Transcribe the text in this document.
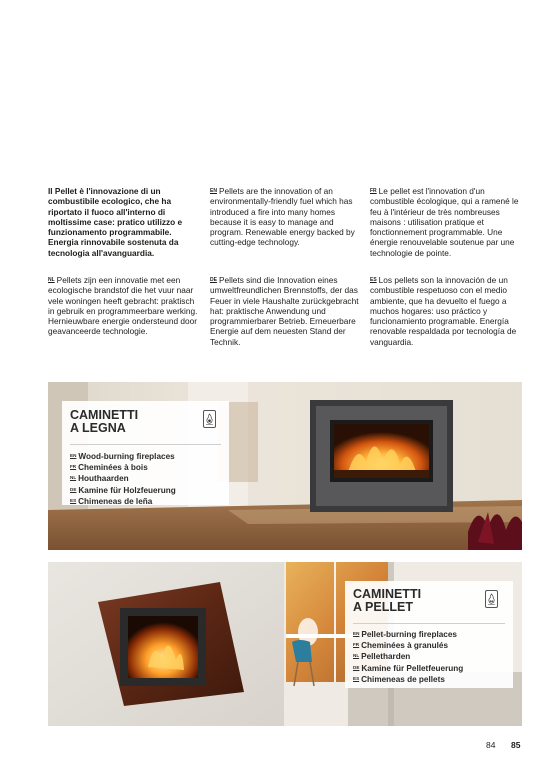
Il Pellet è l'innovazione di un combustibile ecologico, che ha riportato il fuoco all'interno di moltissime case: pratico utilizzo e funzionamento programmabile. Energia rinnovabile sostenuta da tecnologia all'avanguardia.
$^{EN}$ Pellets are the innovation of an environmentally-friendly fuel which has introduced a fire into many homes because it is easy to manage and program. Renewable energy backed by cutting-edge technology.
$^{FR}$ Le pellet est l'innovation d'un combustible écologique, qui a ramené le feu à l'intérieur de très nombreuses maisons : utilisation pratique et fonctionnement programmable. Une énergie renouvelable soutenue par une technologie de pointe.
$^{NL}$ Pellets zijn een innovatie met een ecologische brandstof die het vuur naar vele woningen heeft gebracht: praktisch in gebruik en programmeerbare werking. Hernieuwbare energie ondersteund door geavanceerde technologie.
$^{DE}$ Pellets sind die Innovation eines umweltfreundlichen Brennstoffs, der das Feuer in viele Haushalte zurückgebracht hat: praktische Anwendung und programmierbarer Betrieb. Erneuerbare Energie auf dem neuesten Stand der Technik.
$^{ES}$ Los pellets son la innovación de un combustible respetuoso con el medio ambiente, que ha devuelto el fuego a muchos hogares: uso práctico y funcionamiento programable. Energía renovable respaldada por tecnología de vanguardia.
CAMINETTI
A LEGNA
$^{EN}$ Wood-burning fireplaces
$^{FR}$ Cheminées à bois
$^{NL}$ Houthaarden
$^{DE}$ Kamine für Holzfeuerung
$^{ES}$ Chimeneas de leña
CAMINETTI
A PELLET
$^{EN}$ Pellet-burning fireplaces
$^{FR}$ Cheminées à granulés
$^{NL}$ Pelletharden
$^{DE}$ Kamine für Pelletfeuerung
$^{ES}$ Chimeneas de pellets
84 85
